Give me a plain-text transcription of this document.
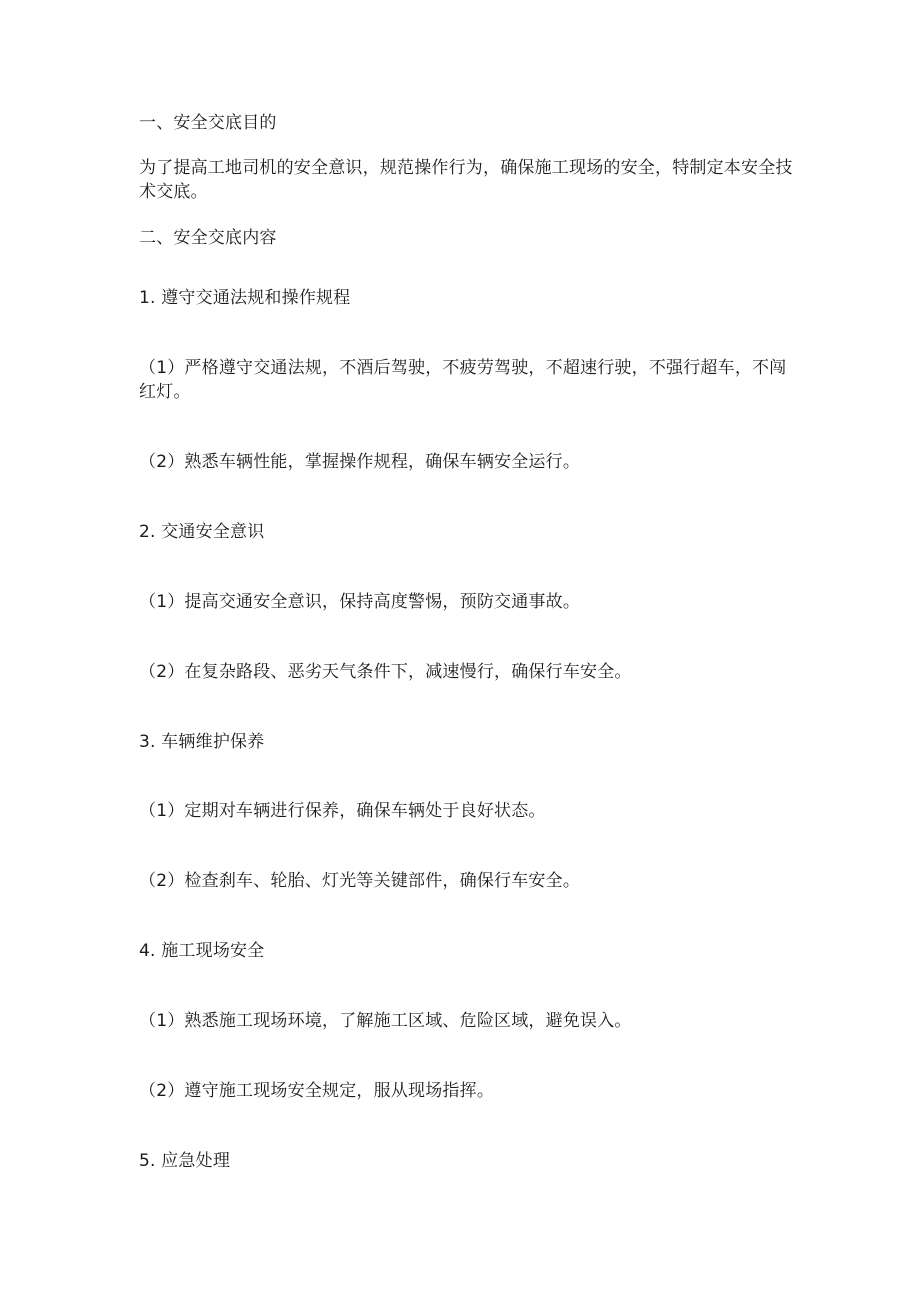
一、安全交底目的
为了提高工地司机的安全意识，规范操作行为，确保施工现场的安全，特制定本安全技术交底。
二、安全交底内容
1. 遵守交通法规和操作规程
（1）严格遵守交通法规，不酒后驾驶，不疲劳驾驶，不超速行驶，不强行超车，不闯红灯。
（2）熟悉车辆性能，掌握操作规程，确保车辆安全运行。
2. 交通安全意识
（1）提高交通安全意识，保持高度警惕，预防交通事故。
（2）在复杂路段、恶劣天气条件下，减速慢行，确保行车安全。
3. 车辆维护保养
（1）定期对车辆进行保养，确保车辆处于良好状态。
（2）检查刹车、轮胎、灯光等关键部件，确保行车安全。
4. 施工现场安全
（1）熟悉施工现场环境，了解施工区域、危险区域，避免误入。
（2）遵守施工现场安全规定，服从现场指挥。
5. 应急处理
